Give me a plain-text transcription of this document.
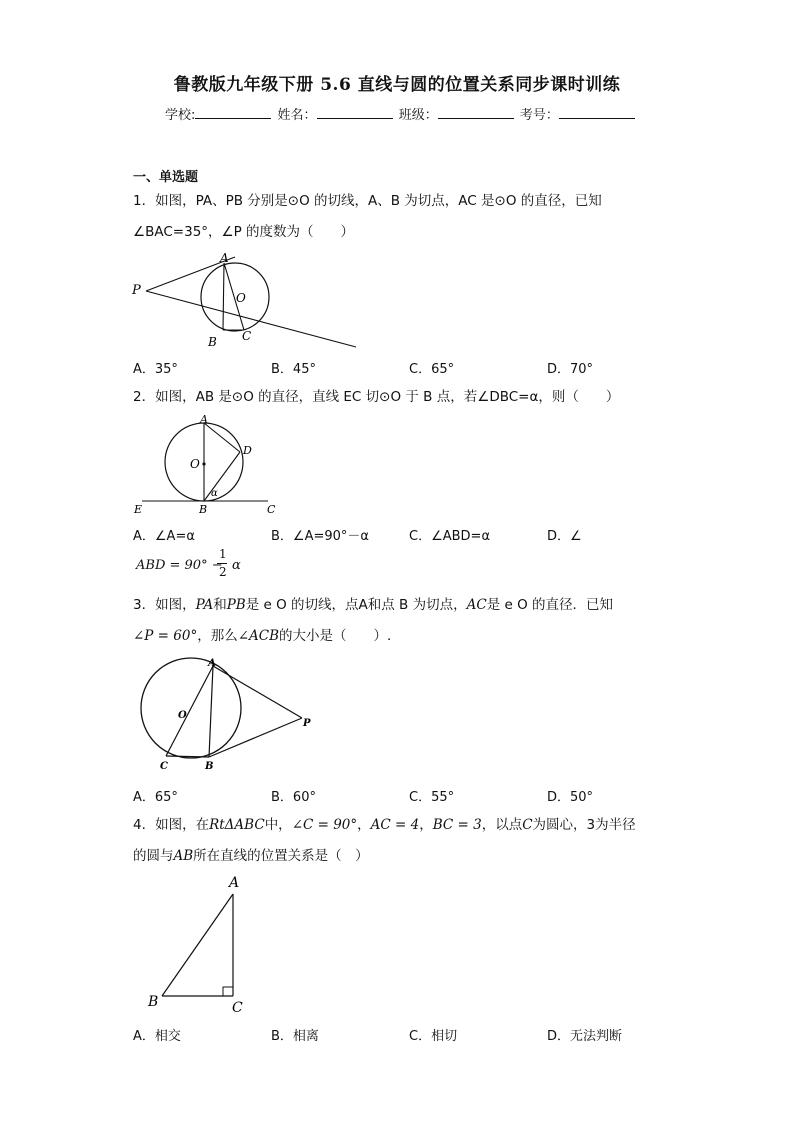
鲁教版九年级下册 5.6 直线与圆的位置关系同步课时训练
学校:	姓名：	班级：	考号：
一、单选题
1．如图，PA、PB 分别是⊙O 的切线，A、B 为切点，AC 是⊙O 的直径，已知
∠BAC=35°，∠P 的度数为（　　）
P
A
O
B C
A．35°	B．45°	C．65°	D．70°
2．如图，AB 是⊙O 的直径，直线 EC 切⊙O 于 B 点，若∠DBC=α，则（　　）
A
O
D
α
E	B	C
A．∠A=α	B．∠A=90°－α	C．∠ABD=α	D．∠
ABD = 90° −
1
2 α
3．如图，PA和PB是 e O 的切线，点A和点 B 为切点，AC是 e O 的直径．已知
∠P = 60°，那么∠ACB的大小是（　　）.
A
O
P
C	B
A．65°	B．60°	C．55°	D．50°
4．如图，在RtΔABC中，∠C = 90°，AC = 4，BC = 3，以点C为圆心，3为半径
的圆与AB所在直线的位置关系是（　）
A
B	C
A．相交	B．相离	C．相切	D．无法判断
